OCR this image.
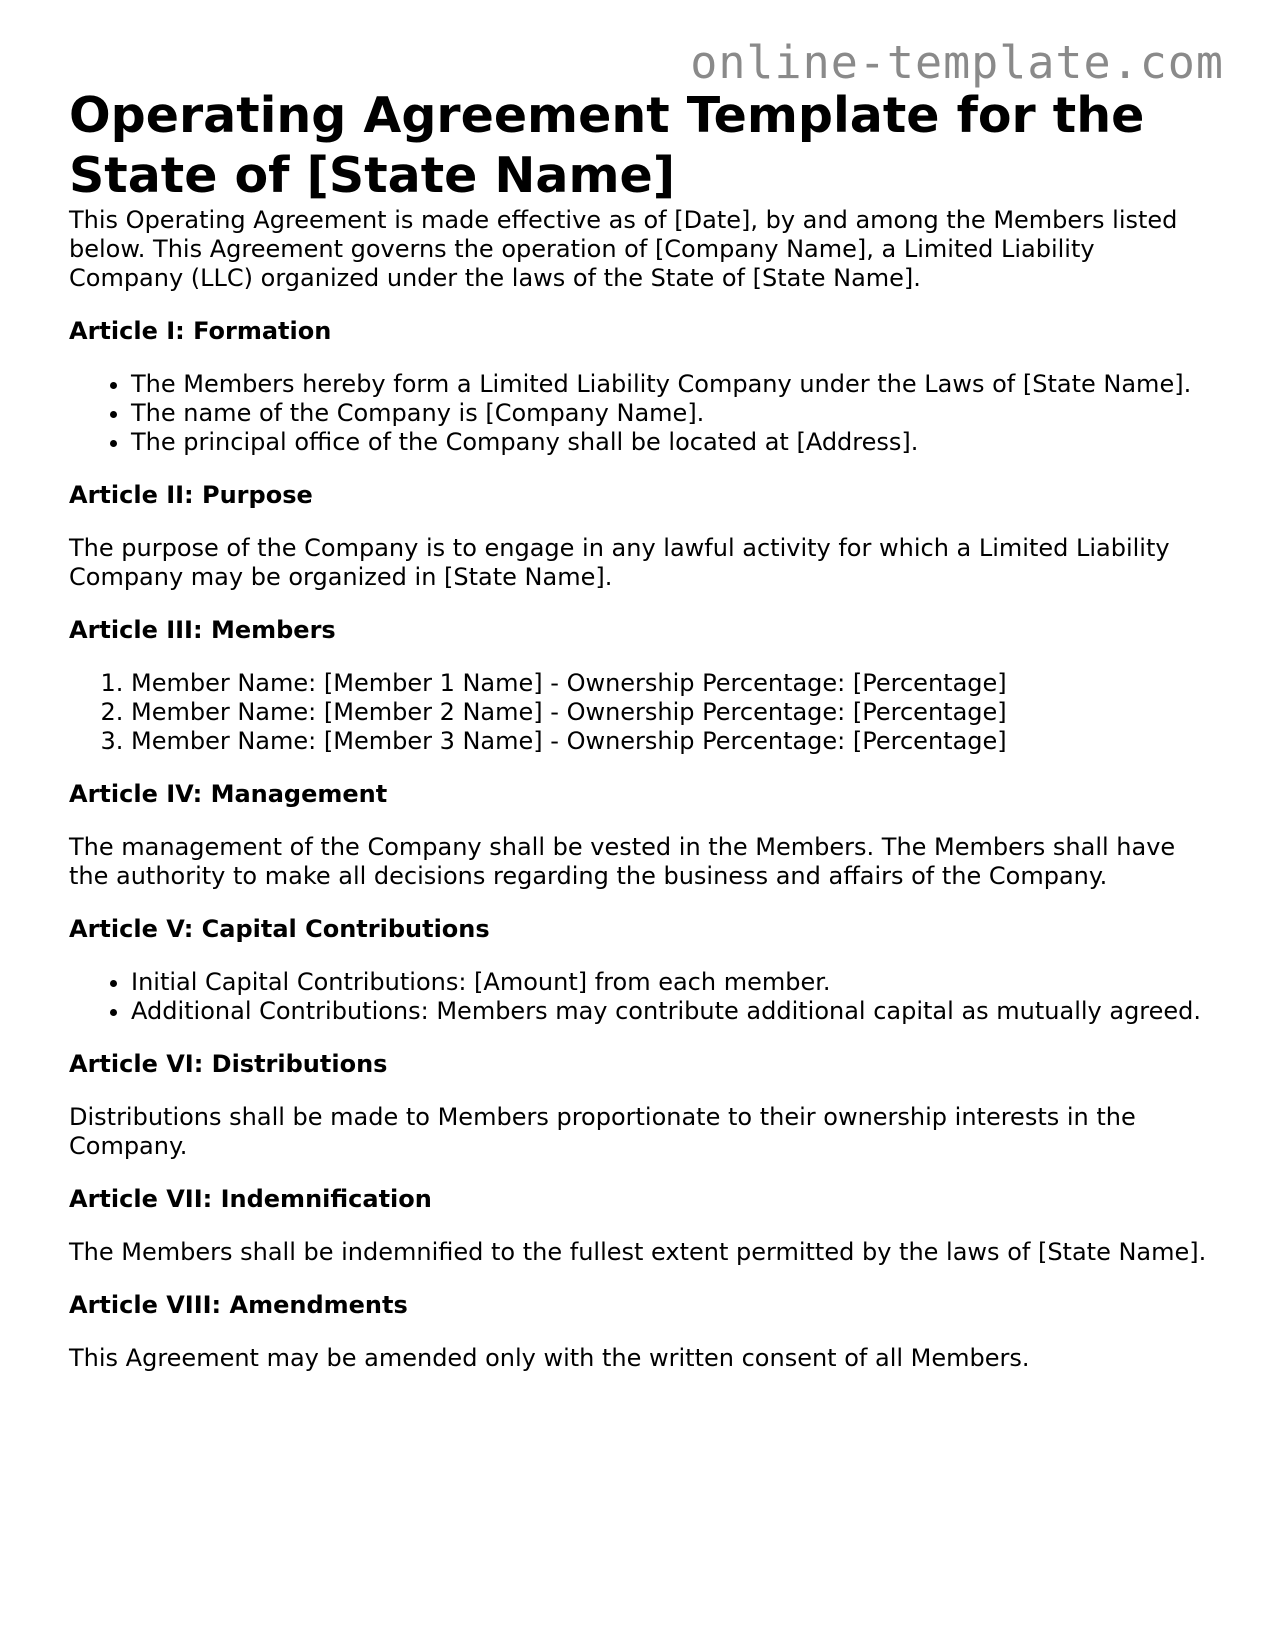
online-template.com
Operating Agreement Template for the State of [State Name]

This Operating Agreement is made effective as of [Date], by and among the Members listed below. This Agreement governs the operation of [Company Name], a Limited Liability Company (LLC) organized under the laws of the State of [State Name].

Article I: Formation
• The Members hereby form a Limited Liability Company under the Laws of [State Name].
• The name of the Company is [Company Name].
• The principal office of the Company shall be located at [Address].
Article II: Purpose

The purpose of the Company is to engage in any lawful activity for which a Limited Liability Company may be organized in [State Name].

Article III: Members
1. Member Name: [Member 1 Name] - Ownership Percentage: [Percentage]
2. Member Name: [Member 2 Name] - Ownership Percentage: [Percentage]
3. Member Name: [Member 3 Name] - Ownership Percentage: [Percentage]
Article IV: Management

The management of the Company shall be vested in the Members. The Members shall have the authority to make all decisions regarding the business and affairs of the Company.

Article V: Capital Contributions
• Initial Capital Contributions: [Amount] from each member.
• Additional Contributions: Members may contribute additional capital as mutually agreed.
Article VI: Distributions

Distributions shall be made to Members proportionate to their ownership interests in the Company.

Article VII: Indemnification

The Members shall be indemnified to the fullest extent permitted by the laws of [State Name].

Article VIII: Amendments

This Agreement may be amended only with the written consent of all Members.
